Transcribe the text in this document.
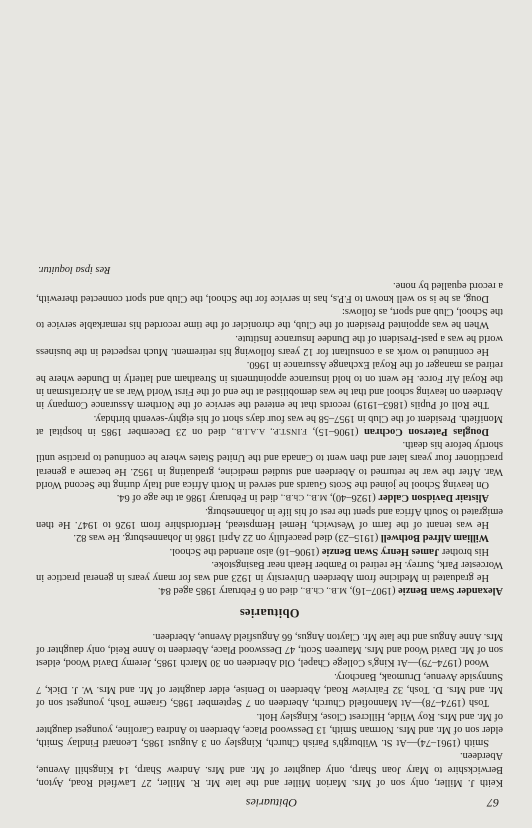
67
Obituaries

Keith J. Miller, only son of Mrs. Marion Miller and the late Mr. R. Miller, 27 Lawfield Road, Ayton, Berwickshire to Mary Joan Sharp, only daughter of Mr. and Mrs. Andrew Sharp, 14 Kingshill Avenue, Aberdeen.

Smith (1961–74)—At St. Wilburgh's Parish Church, Kingsley on 3 August 1985, Leonard Findlay Smith, elder son of Mr. and Mrs. Norman Smith, 13 Desswood Place, Aberdeen to Andrea Caroline, youngest daughter of Mr. and Mrs. Roy Wilde, Hillcrest Close, Kingsley Holt.

Tosh (1974–78)—At Mannofield Church, Aberdeen on 7 September 1985, Graeme Tosh, youngest son of Mr. and Mrs. D. Tosh, 32 Fairview Road, Aberdeen to Denise, elder daughter of Mr. and Mrs. W. J. Dick, 7 Sunnyside Avenue, Drumoak, Banchory.

Wood (1974–79)—At King's College Chapel, Old Aberdeen on 30 March 1985, Jeremy David Wood, eldest son of Mr. David Wood and Mrs. Maureen Scott, 47 Desswood Place, Aberdeen to Anne Reid, only daughter of Mrs. Anne Angus and the late Mr. Clayton Angus, 66 Angusfield Avenue, Aberdeen.

Obituaries

Alexander Swan Benzie (1907–16), M.B., Ch.B., died on 6 February 1985 aged 84.

He graduated in Medicine from Aberdeen University in 1923 and was for many years in general practice in Worcester Park, Surrey. He retired to Pamber Heath near Basingstoke.

His brother James Henry Swan Benzie (1906–16) also attended the School.

William Alfred Bothwell (1915–23) died peacefully on 22 April 1986 in Johannesburg. He was 82.

He was tenant of the farm of Westwich, Hemel Hempstead, Hertfordshire from 1926 to 1947. He then emigrated to South Africa and spent the rest of his life in Johannesburg.

Alistair Davidson Calder (1926–40), M.B., Ch.B., died in February 1986 at the age of 64.

On leaving School he joined the Scots Guards and served in North Africa and Italy during the Second World War. After the war he returned to Aberdeen and studied medicine, graduating in 1952. He became a general practitioner four years later and then went to Canada and the United States where he continued to practise until shortly before his death.

Douglas Paterson Cochran (1906–15), F.INST.P., A.A.I.B., died on 23 December 1985 in hospital at Monifieth. President of the Club in 1957–58 he was four days short of his eighty-seventh birthday.

The Roll of Pupils (1863–1919) records that he entered the service of the Northern Assurance Company in Aberdeen on leaving school and that he was demobilised at the end of the First World War as an Aircraftsman in the Royal Air Force. He went on to hold insurance appointments in Streatham and latterly in Dundee where he retired as manager of the Royal Exchange Assurance in 1960.

He continued to work as a consultant for 12 years following his retirement. Much respected in the business world he was a past-President of the Dundee Insurance Institute.

When he was appointed President of the Club, the chronicler of the time recorded his remarkable service to the School, Club and sport, as follows:

Doug, as he is so well known to F.P.s, has in service for the School, the Club and sport connected therewith, a record equalled by none.

Res ipsa loquitur.
